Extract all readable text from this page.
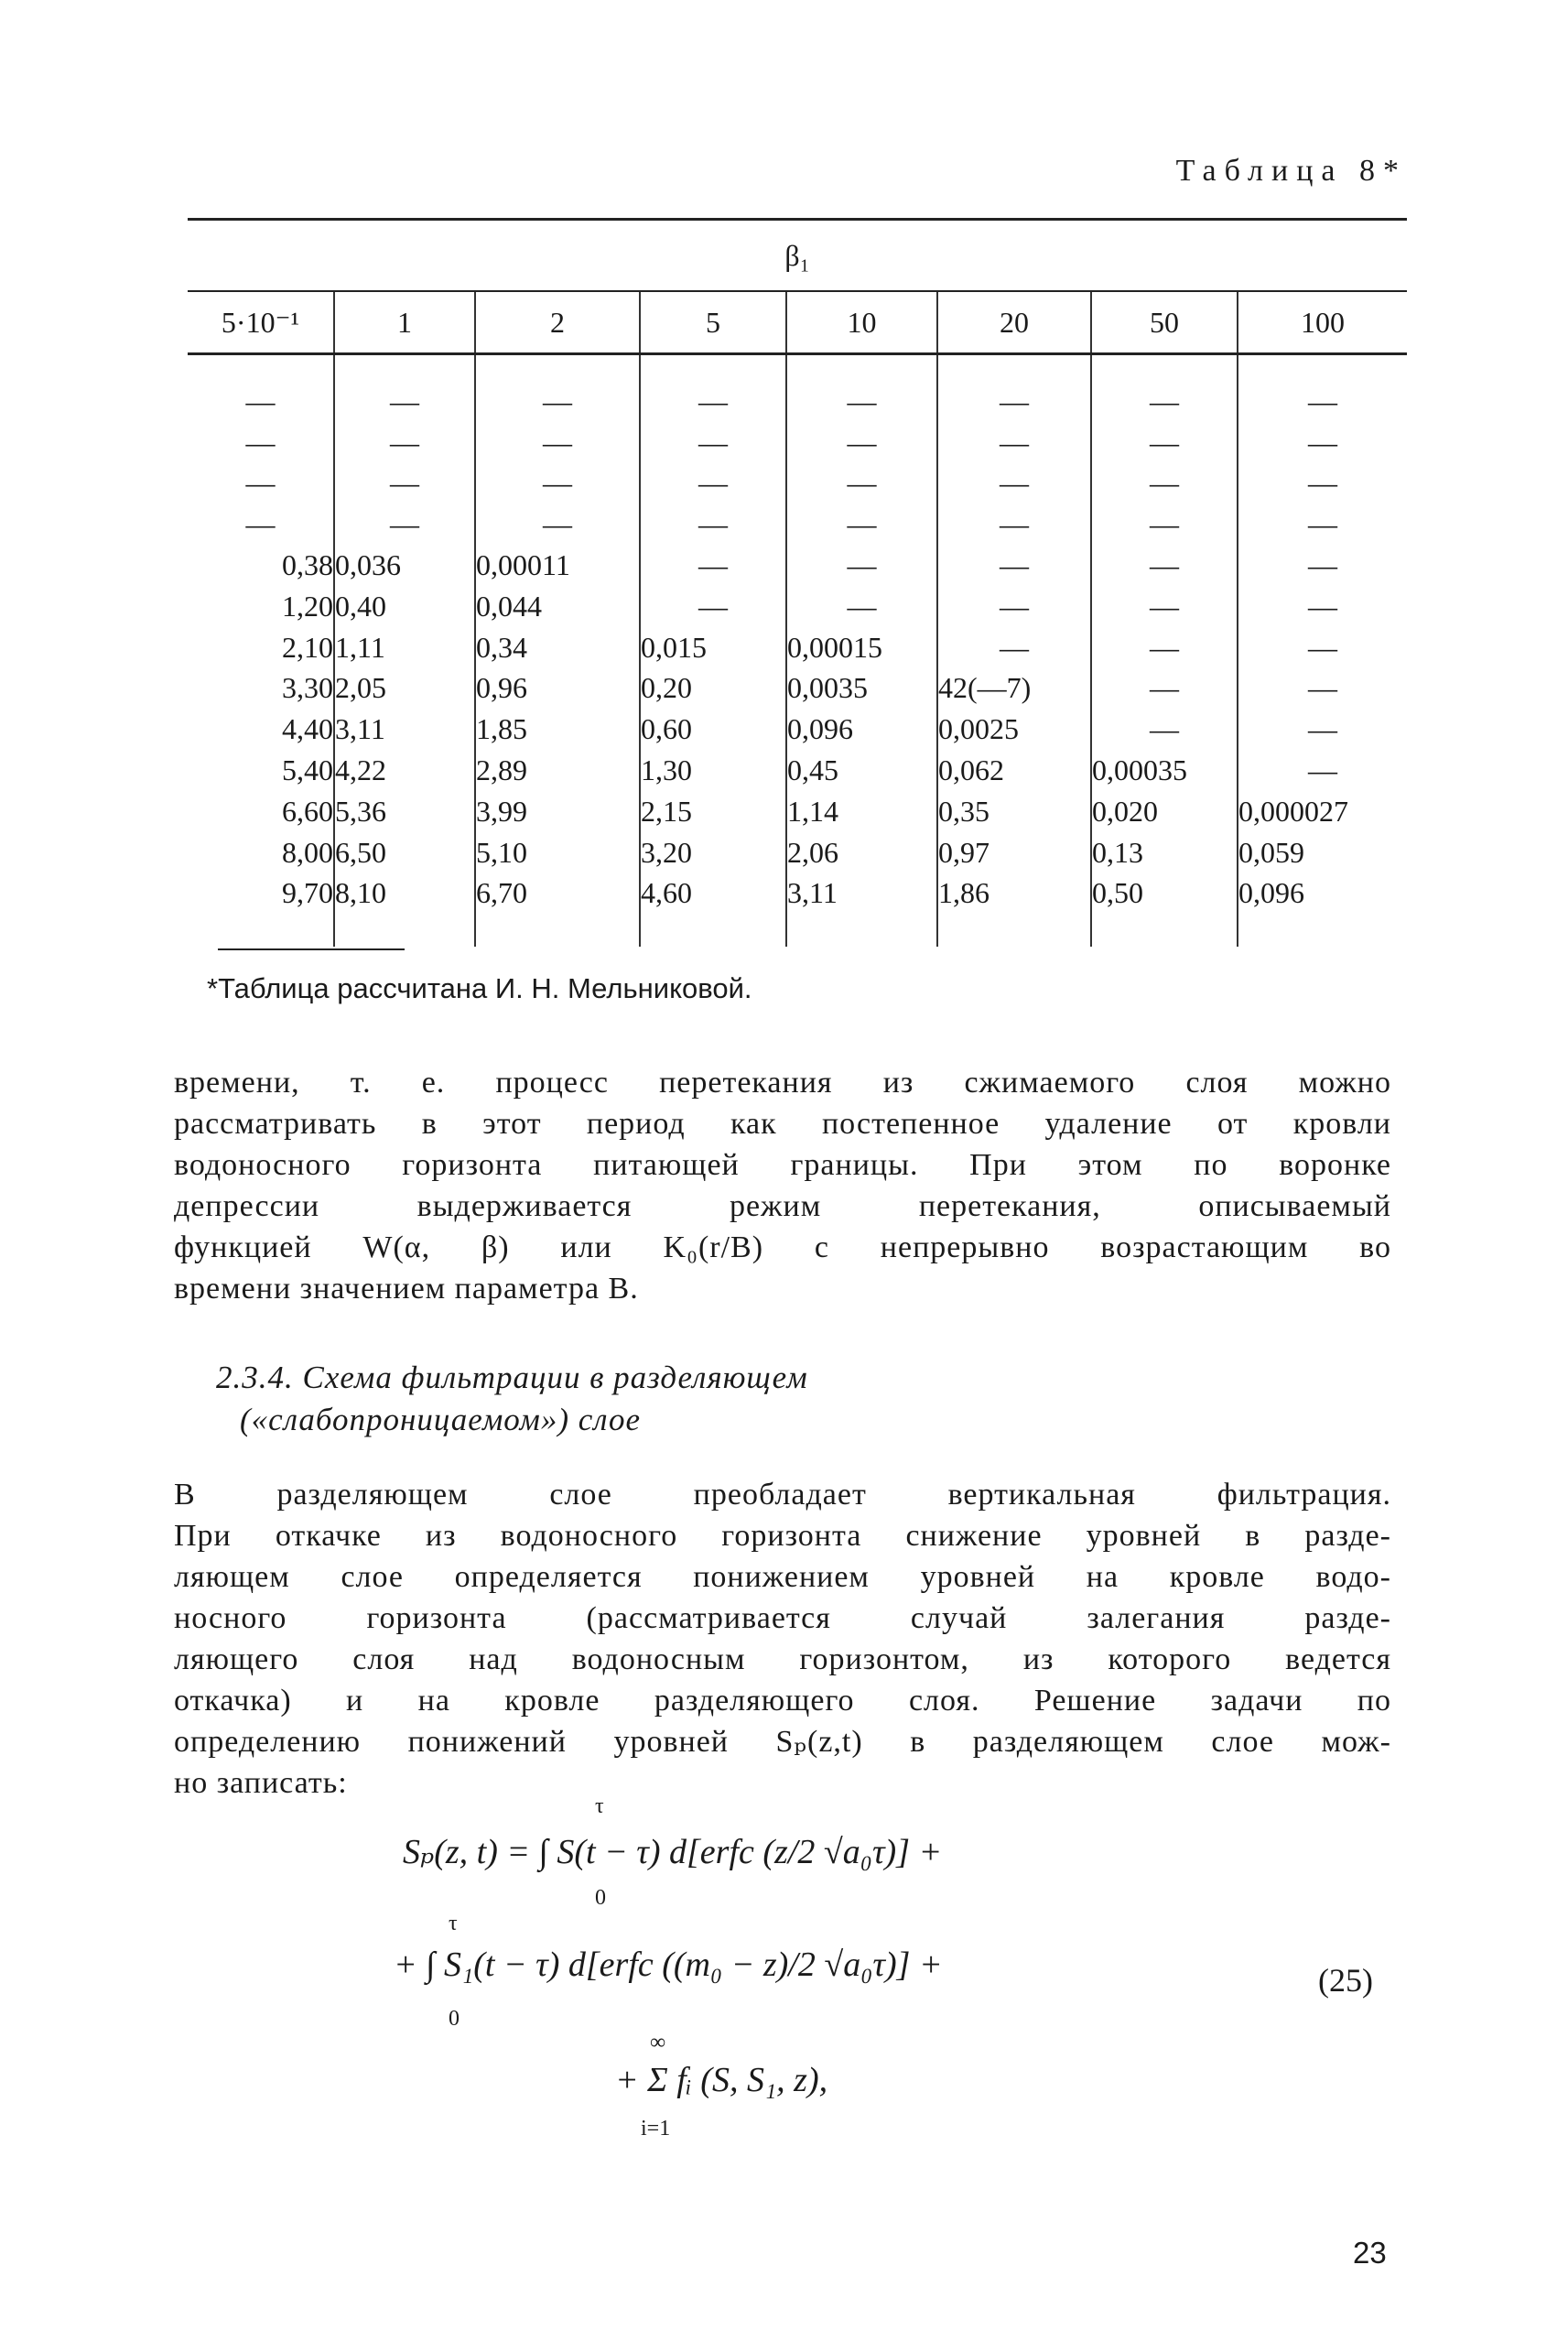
Таблица 8*
β₁							
5·10⁻¹	1	2	5	10	20	50	100

—	—	—	—	—	—	—	—
—	—	—	—	—	—	—	—
—	—	—	—	—	—	—	—
—	—	—	—	—	—	—	—
0,38	0,036	0,00011	—	—	—	—	—
1,20	0,40	0,044	—	—	—	—	—
2,10	1,11	0,34	0,015	0,00015	—	—	—
3,30	2,05	0,96	0,20	0,0035	42(—7)	—	—
4,40	3,11	1,85	0,60	0,096	0,0025	—	—
5,40	4,22	2,89	1,30	0,45	0,062	0,00035	—
6,60	5,36	3,99	2,15	1,14	0,35	0,020	0,000027
8,00	6,50	5,10	3,20	2,06	0,97	0,13	0,059
9,70	8,10	6,70	4,60	3,11	1,86	0,50	0,096

*Таблица рассчитана И. Н. Мельниковой.
времени, т. е. процесс перетекания из сжимаемого слоя можно
рассматривать в этот период как постепенное удаление от кровли
водоносного горизонта питающей границы. При этом по воронке
депрессии выдерживается режим перетекания, описываемый
функцией W(α, β) или K₀(r/B) с непрерывно возрастающим во
времени значением параметра B.
2.3.4. Схема фильтрации в разделяющем
(«слабопроницаемом») слое
В разделяющем слое преобладает вертикальная фильтрация.
При откачке из водоносного горизонта снижение уровней в разде-
ляющем слое определяется понижением уровней на кровле водо-
носного горизонта (рассматривается случай залегания разде-
ляющего слоя над водоносным горизонтом, из которого ведется
откачка) и на кровле разделяющего слоя. Решение задачи по
определению понижений уровней Sₚ(z,t) в разделяющем слое мож-
но записать:
τ
Sₚ(z, t) = ∫ S(t − τ) d[erfc (z/2 √a₀τ)] +
0
τ
+ ∫ S₁(t − τ) d[erfc ((m₀ − z)/2 √a₀τ)] +
0
(25)
∞
+ Σ fᵢ (S, S₁, z),
i=1
23
